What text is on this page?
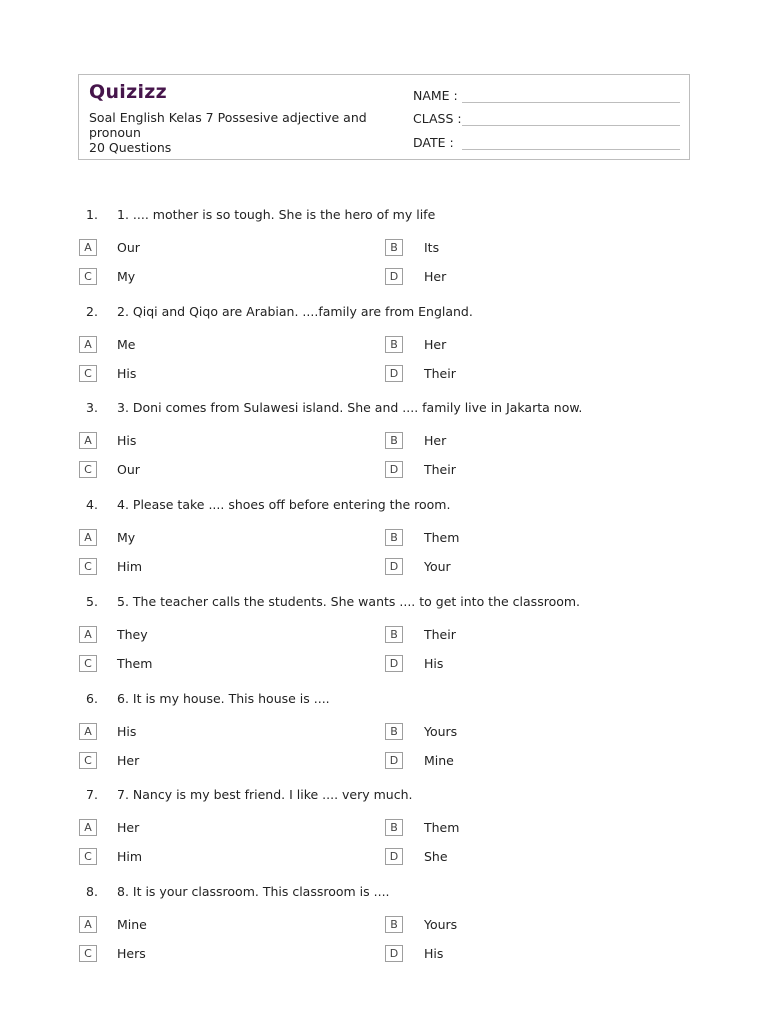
Quizizz
Soal English Kelas 7 Possesive adjective and pronoun
20 Questions
NAME :
CLASS :
DATE :
1. 1. .... mother is so tough. She is the hero of my life
A	Our	B	Its
C	My	D	Her
2. 2. Qiqi and Qiqo are Arabian. ....family are from England.
A	Me	B	Her
C	His	D	Their
3. 3. Doni comes from Sulawesi island. She and .... family live in Jakarta now.
A	His	B	Her
C	Our	D	Their
4. 4. Please take .... shoes off before entering the room.
A	My	B	Them
C	Him	D	Your
5. 5. The teacher calls the students. She wants .... to get into the classroom.
A	They	B	Their
C	Them	D	His
6. 6. It is my house. This house is ....
A	His	B	Yours
C	Her	D	Mine
7. 7. Nancy is my best friend. I like .... very much.
A	Her	B	Them
C	Him	D	She
8. 8. It is your classroom. This classroom is ....
A	Mine	B	Yours
C	Hers	D	His
